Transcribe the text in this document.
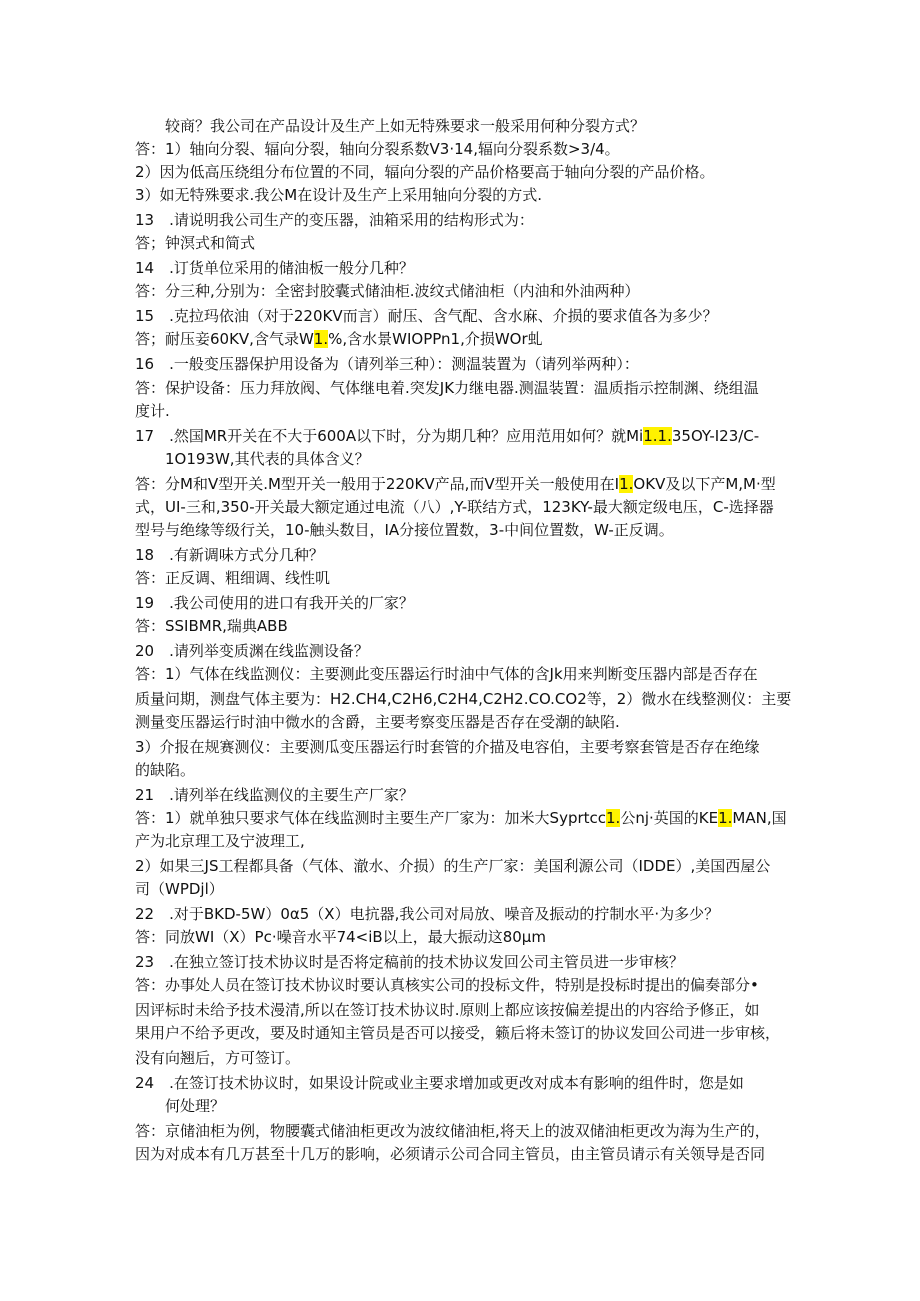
较商？我公司在产品设计及生产上如无特殊要求一般采用何种分裂方式？
答：1）轴向分裂、辐向分裂，轴向分裂系数V3·14,辐向分裂系数>3/4。
2）因为低高压绕组分布位置的不同，辐向分裂的产品价格要高于轴向分裂的产品价格。
3）如无特殊要求.我公M在设计及生产上采用轴向分裂的方式.
13　.请说明我公司生产的变压器，油箱采用的结构形式为：
答；钟溟式和简式
14　.订货单位采用的储油板一般分几种？
答：分三种,分别为：全密封胶囊式储油柜.波纹式储油柜（内油和外油两种）
15　.克拉玛依油（对于220KV而言）耐压、含气配、含水麻、介损的要求值各为多少？
答；耐压妾60KV,含气录W1.%,含水景WIOPPn1,介损WOr虬
16　.一般变压器保护用设备为（请列举三种）：测温装置为（请列举两种）：
答：保护设备：压力拜放阀、气体继电着.突发JK力继电器.测温装置：温质指示控制渊、绕组温
度计.
17　.然国MR开关在不大于600A以下时，分为期几种？应用范用如何？就Mi1.1.35OY-I23/C-
1O193W,其代表的具体含义？
答：分M和V型开关.M型开关一般用于220KV产品,而V型开关一般使用在I1.OKV及以下产M,M·型
式，UI-三和,350-开关最大额定通过电流（八）,Y-联结方式，123KY-最大额定级电压，C-选择器
型号与绝缘等级行关，10-触头数目，IA分接位置数，3-中间位置数，W-正反调。
18　.有新调味方式分几种？
答：正反调、粗细调、线性叽
19　.我公司使用的进口有我开关的厂家？
答：SSIBMR,瑞典ABB
20　.请列举变质渊在线监测设备？
答：1）气体在线监测仪：主要测此变压器运行时油中气体的含Jk用来判断变压器内部是否存在
质量问期，测盘气体主要为：H2.CH4,C2H6,C2H4,C2H2.CO.CO2等，2）微水在线整测仪：主要
测量变压器运行时油中微水的含爵，主要考察变压器是否存在受潮的缺陷.
3）介报在规赛测仪：主要测瓜变压器运行时套管的介描及电容伯，主要考察套管是否存在绝缘
的缺陷。
21　.请列举在线监测仪的主要生产厂家？
答：1）就单独只要求气体在线监测时主要生产厂家为：加米大Syprtcc1.公nj·英国的KE1.MAN,国
产为北京理工及宁波理工,
2）如果三JS工程都具备（气体、澈水、介损）的生产厂家：美国利源公司（IDDE）,美国西屋公
司（WPDjl）
22　.对于BKD-5W）0α5（X）电抗器,我公司对局放、噪音及振动的拧制水平·为多少？
答：同放WI（X）Pc·噪音水平74<iB以上，最大振动这80μm
23　.在独立签订技术协议时是否将定稿前的技术协议发回公司主管员进一步审核？
答：办事处人员在签订技术协议时要认真核实公司的投标文件，特别是投标时提出的偏奏部分•
因评标时未给予技术漫清,所以在签订技术协议时.原则上都应该按偏差提出的内容给予修正，如
果用户不给予更改，要及时通知主管员是否可以接受，籁后将未签订的协议发回公司进一步审核，
没有向翘后，方可签订。
24　.在签订技术协议时，如果设计院或业主要求增加或更改对成本有影响的组件时，您是如
何处理？
答：京储油柜为例，物腰囊式储油柜更改为波纹储油柜,将天上的波双储油柜更改为海为生产的，
因为对成本有几万甚至十几万的影响，必须请示公司合同主管员，由主管员请示有关领导是否同
